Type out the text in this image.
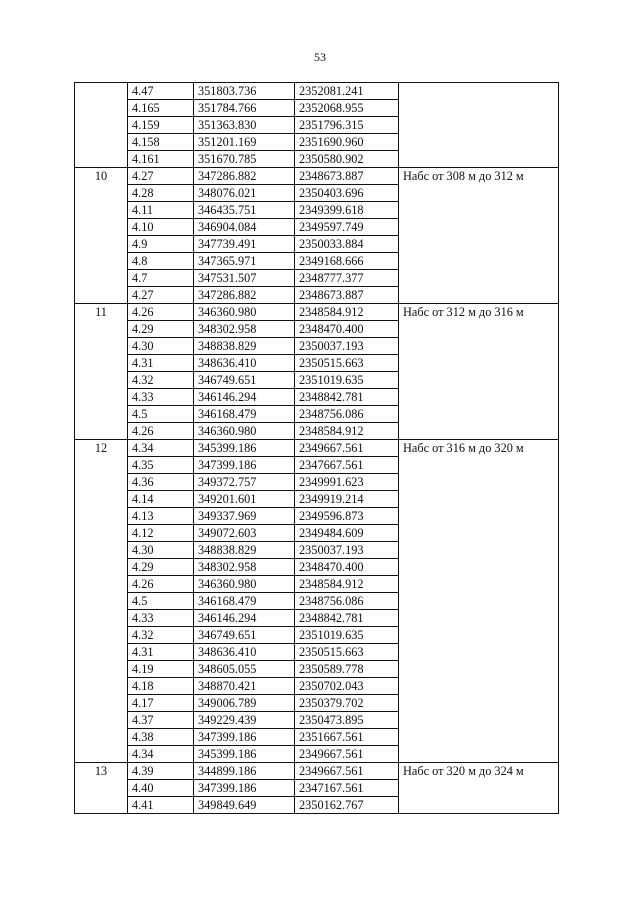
53
	4.47	351803.736	2352081.241	
	4.165	351784.766	2352068.955	
	4.159	351363.830	2351796.315	
	4.158	351201.169	2351690.960	
	4.161	351670.785	2350580.902	
10	4.27	347286.882	2348673.887	Набс от 308 м до 312 м
	4.28	348076.021	2350403.696	
	4.11	346435.751	2349399.618	
	4.10	346904.084	2349597.749	
	4.9	347739.491	2350033.884	
	4.8	347365.971	2349168.666	
	4.7	347531.507	2348777.377	
	4.27	347286.882	2348673.887	
11	4.26	346360.980	2348584.912	Набс от 312 м до 316 м
	4.29	348302.958	2348470.400	
	4.30	348838.829	2350037.193	
	4.31	348636.410	2350515.663	
	4.32	346749.651	2351019.635	
	4.33	346146.294	2348842.781	
	4.5	346168.479	2348756.086	
	4.26	346360.980	2348584.912	
12	4.34	345399.186	2349667.561	Набс от 316 м до 320 м
	4.35	347399.186	2347667.561	
	4.36	349372.757	2349991.623	
	4.14	349201.601	2349919.214	
	4.13	349337.969	2349596.873	
	4.12	349072.603	2349484.609	
	4.30	348838.829	2350037.193	
	4.29	348302.958	2348470.400	
	4.26	346360.980	2348584.912	
	4.5	346168.479	2348756.086	
	4.33	346146.294	2348842.781	
	4.32	346749.651	2351019.635	
	4.31	348636.410	2350515.663	
	4.19	348605.055	2350589.778	
	4.18	348870.421	2350702.043	
	4.17	349006.789	2350379.702	
	4.37	349229.439	2350473.895	
	4.38	347399.186	2351667.561	
	4.34	345399.186	2349667.561	
13	4.39	344899.186	2349667.561	Набс от 320 м до 324 м
	4.40	347399.186	2347167.561	
	4.41	349849.649	2350162.767	
